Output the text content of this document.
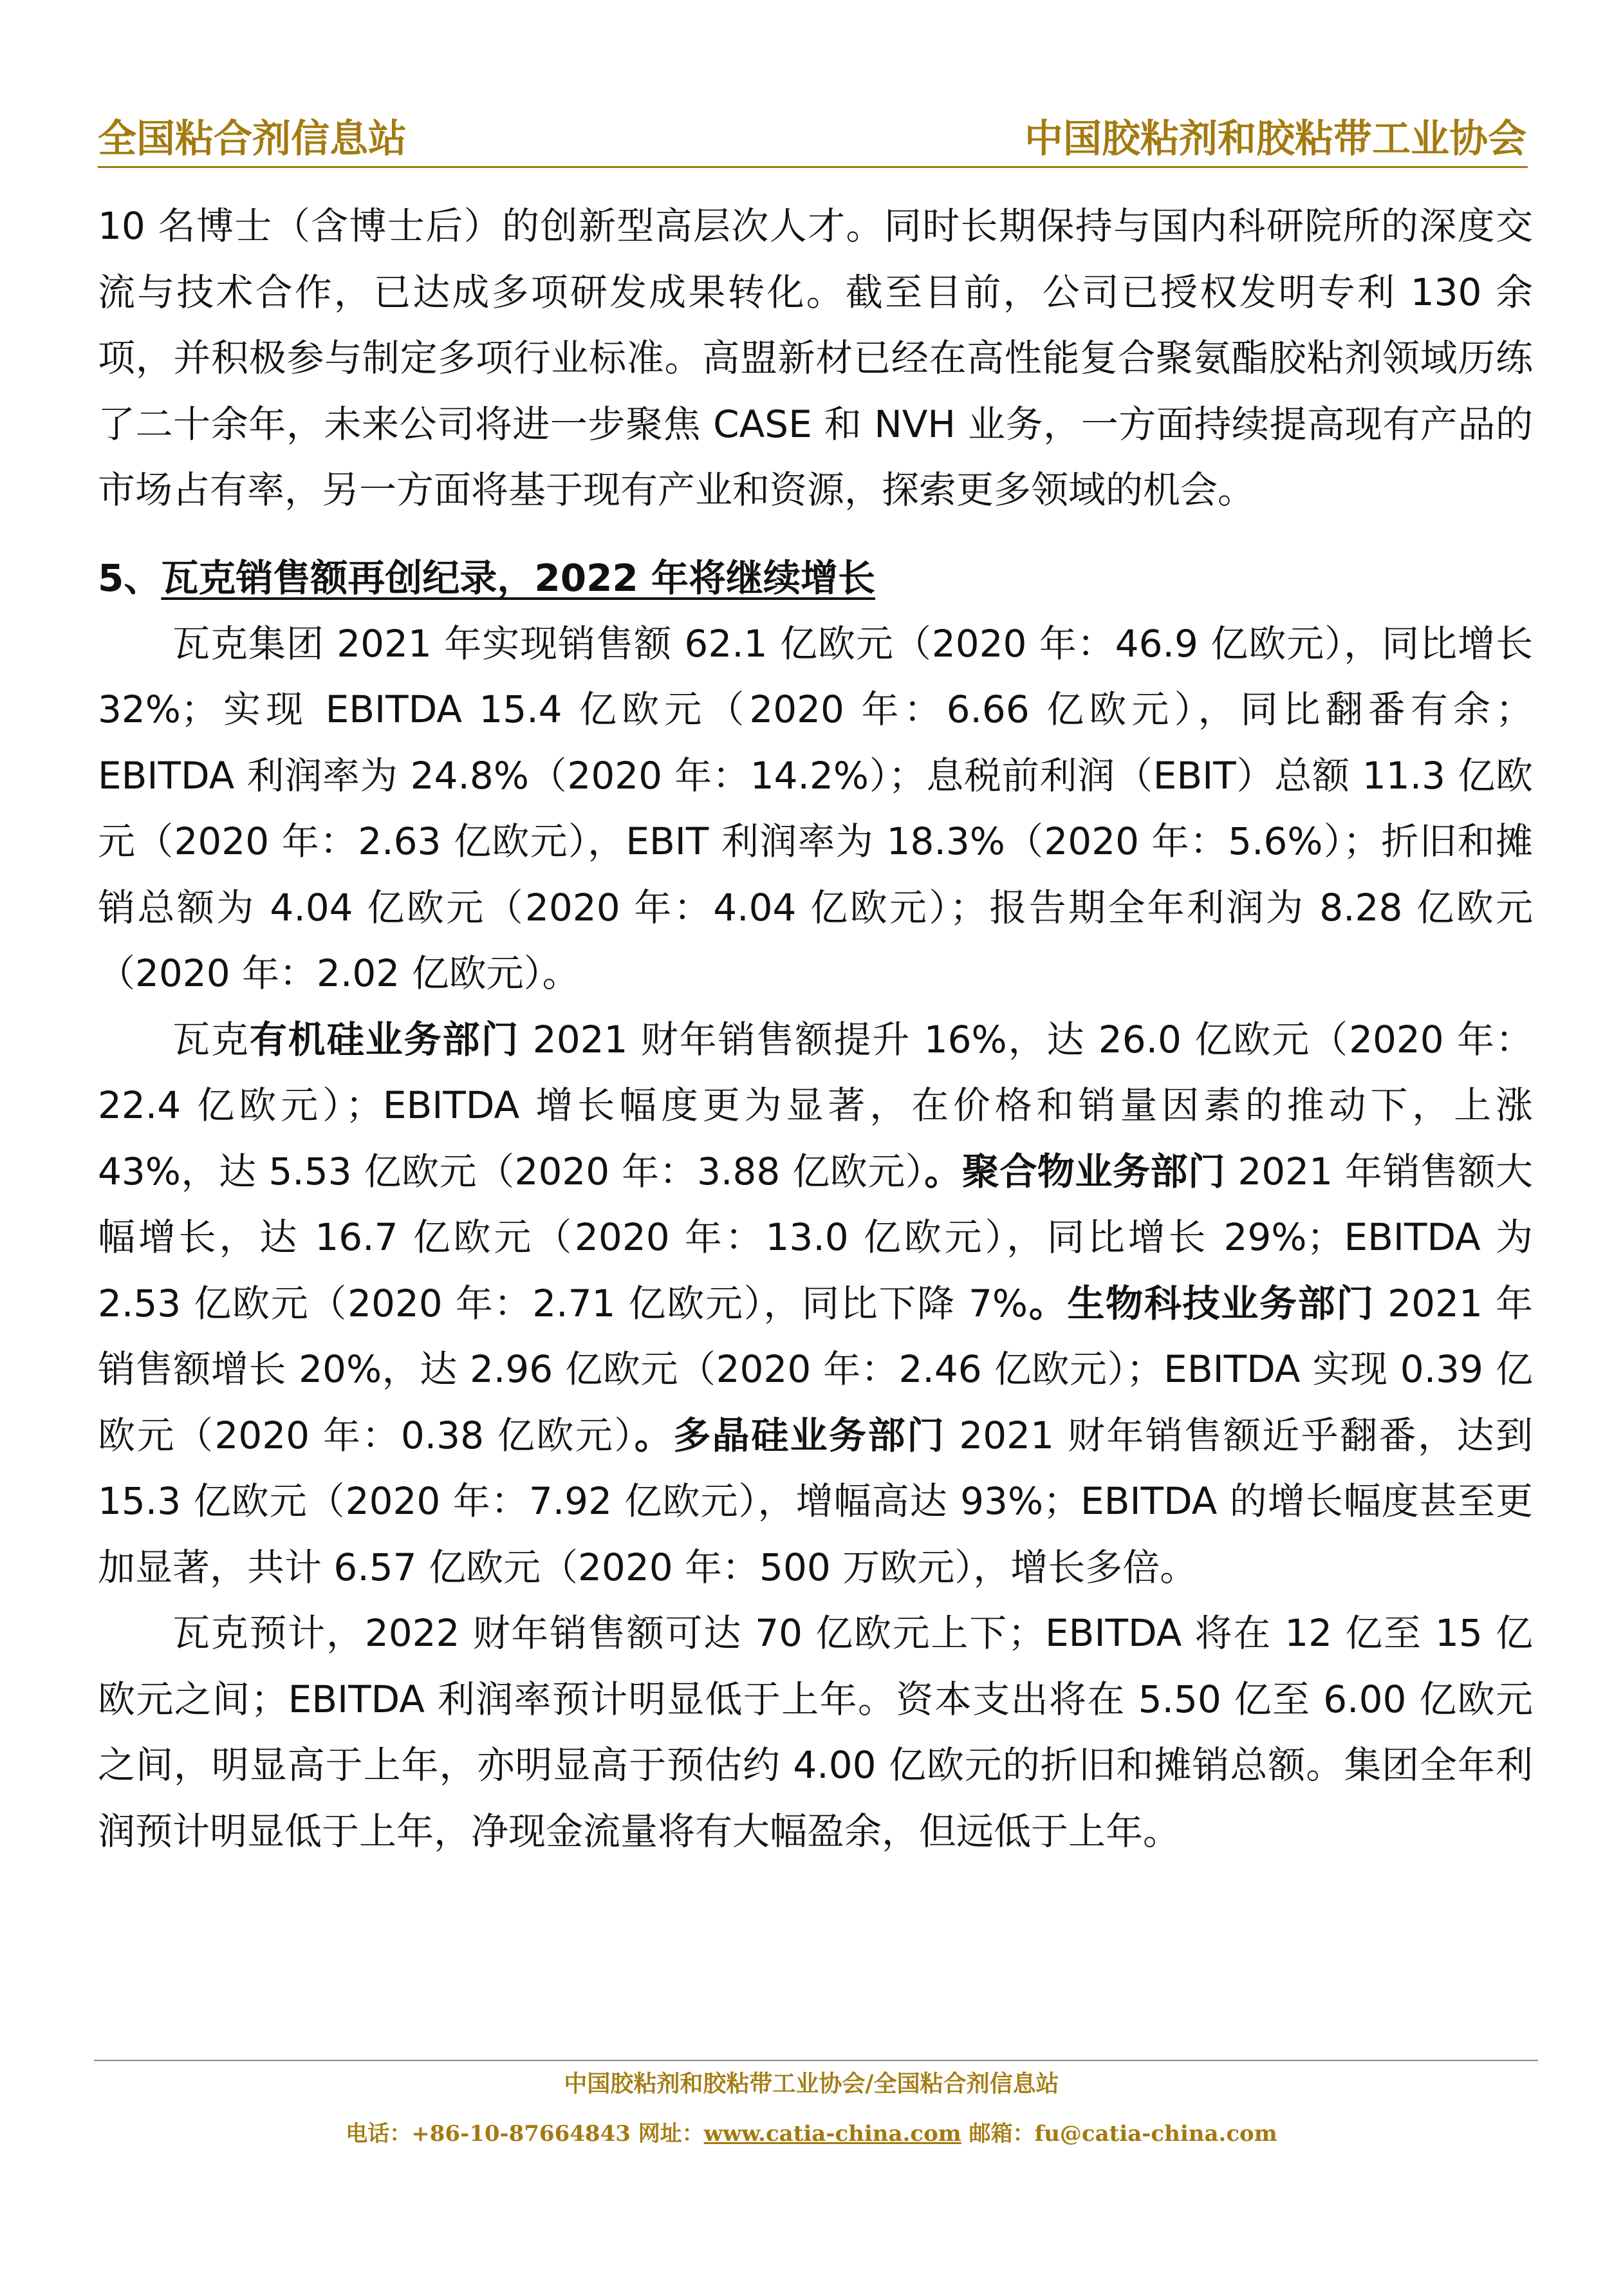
全国粘合剂信息站	中国胶粘剂和胶粘带工业协会

10 名博士（含博士后）的创新型高层次人才。同时长期保持与国内科研院所的深度交流与技术合作，已达成多项研发成果转化。截至目前，公司已授权发明专利 130 余项，并积极参与制定多项行业标准。高盟新材已经在高性能复合聚氨酯胶粘剂领域历练了二十余年，未来公司将进一步聚焦 CASE 和 NVH 业务，一方面持续提高现有产品的市场占有率，另一方面将基于现有产业和资源，探索更多领域的机会。

5、瓦克销售额再创纪录，2022 年将继续增长

瓦克集团 2021 年实现销售额 62.1 亿欧元（2020 年：46.9 亿欧元），同比增长 32%；实现 EBITDA 15.4 亿欧元（2020 年：6.66 亿欧元），同比翻番有余；EBITDA 利润率为 24.8%（2020 年：14.2%）；息税前利润（EBIT）总额 11.3 亿欧元（2020 年：2.63 亿欧元），EBIT 利润率为 18.3%（2020 年：5.6%）；折旧和摊销总额为 4.04 亿欧元（2020 年：4.04 亿欧元）；报告期全年利润为 8.28 亿欧元（2020 年：2.02 亿欧元）。

瓦克有机硅业务部门 2021 财年销售额提升 16%，达 26.0 亿欧元（2020 年：22.4 亿欧元）；EBITDA 增长幅度更为显著，在价格和销量因素的推动下，上涨 43%，达 5.53 亿欧元（2020 年：3.88 亿欧元）。聚合物业务部门 2021 年销售额大幅增长，达 16.7 亿欧元（2020 年：13.0 亿欧元），同比增长 29%；EBITDA 为 2.53 亿欧元（2020 年：2.71 亿欧元），同比下降 7%。生物科技业务部门 2021 年销售额增长 20%，达 2.96 亿欧元（2020 年：2.46 亿欧元）；EBITDA 实现 0.39 亿欧元（2020 年：0.38 亿欧元）。多晶硅业务部门 2021 财年销售额近乎翻番，达到 15.3 亿欧元（2020 年：7.92 亿欧元），增幅高达 93%；EBITDA 的增长幅度甚至更加显著，共计 6.57 亿欧元（2020 年：500 万欧元），增长多倍。

瓦克预计，2022 财年销售额可达 70 亿欧元上下；EBITDA 将在 12 亿至 15 亿欧元之间；EBITDA 利润率预计明显低于上年。资本支出将在 5.50 亿至 6.00 亿欧元之间，明显高于上年，亦明显高于预估约 4.00 亿欧元的折旧和摊销总额。集团全年利润预计明显低于上年，净现金流量将有大幅盈余，但远低于上年。

中国胶粘剂和胶粘带工业协会/全国粘合剂信息站
电话：+86-10-87664843 网址：www.catia-china.com 邮箱：fu@catia-china.com
